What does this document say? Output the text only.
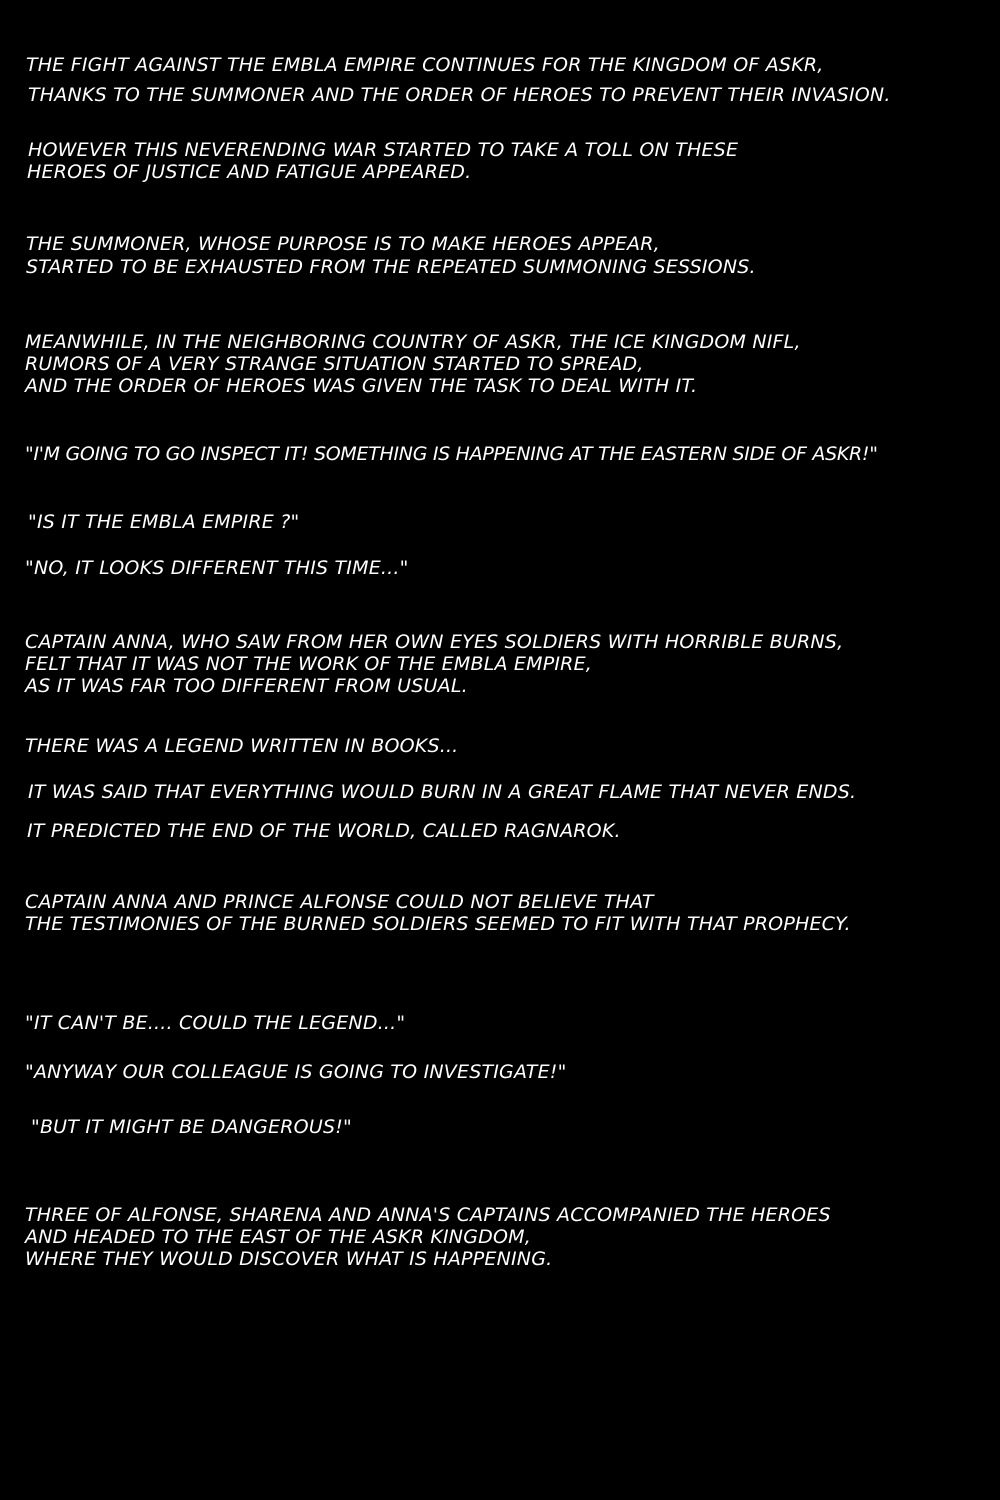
THE FIGHT AGAINST THE EMBLA EMPIRE CONTINUES FOR THE KINGDOM OF ASKR,
THANKS TO THE SUMMONER AND THE ORDER OF HEROES TO PREVENT THEIR INVASION.
HOWEVER THIS NEVERENDING WAR STARTED TO TAKE A TOLL ON THESE
HEROES OF JUSTICE AND FATIGUE APPEARED.
THE SUMMONER, WHOSE PURPOSE IS TO MAKE HEROES APPEAR,
STARTED TO BE EXHAUSTED FROM THE REPEATED SUMMONING SESSIONS.
MEANWHILE, IN THE NEIGHBORING COUNTRY OF ASKR, THE ICE KINGDOM NIFL,
RUMORS OF A VERY STRANGE SITUATION STARTED TO SPREAD,
AND THE ORDER OF HEROES WAS GIVEN THE TASK TO DEAL WITH IT.
"I'M GOING TO GO INSPECT IT! SOMETHING IS HAPPENING AT THE EASTERN SIDE OF ASKR!"
"IS IT THE EMBLA EMPIRE ?"
"NO, IT LOOKS DIFFERENT THIS TIME..."
CAPTAIN ANNA, WHO SAW FROM HER OWN EYES SOLDIERS WITH HORRIBLE BURNS,
FELT THAT IT WAS NOT THE WORK OF THE EMBLA EMPIRE,
AS IT WAS FAR TOO DIFFERENT FROM USUAL.
THERE WAS A LEGEND WRITTEN IN BOOKS...
IT WAS SAID THAT EVERYTHING WOULD BURN IN A GREAT FLAME THAT NEVER ENDS.
IT PREDICTED THE END OF THE WORLD, CALLED RAGNAROK.
CAPTAIN ANNA AND PRINCE ALFONSE COULD NOT BELIEVE THAT
THE TESTIMONIES OF THE BURNED SOLDIERS SEEMED TO FIT WITH THAT PROPHECY.
"IT CAN'T BE.... COULD THE LEGEND..."
"ANYWAY OUR COLLEAGUE IS GOING TO INVESTIGATE!"
"BUT IT MIGHT BE DANGEROUS!"
THREE OF ALFONSE, SHARENA AND ANNA'S CAPTAINS ACCOMPANIED THE HEROES
AND HEADED TO THE EAST OF THE ASKR KINGDOM,
WHERE THEY WOULD DISCOVER WHAT IS HAPPENING.
